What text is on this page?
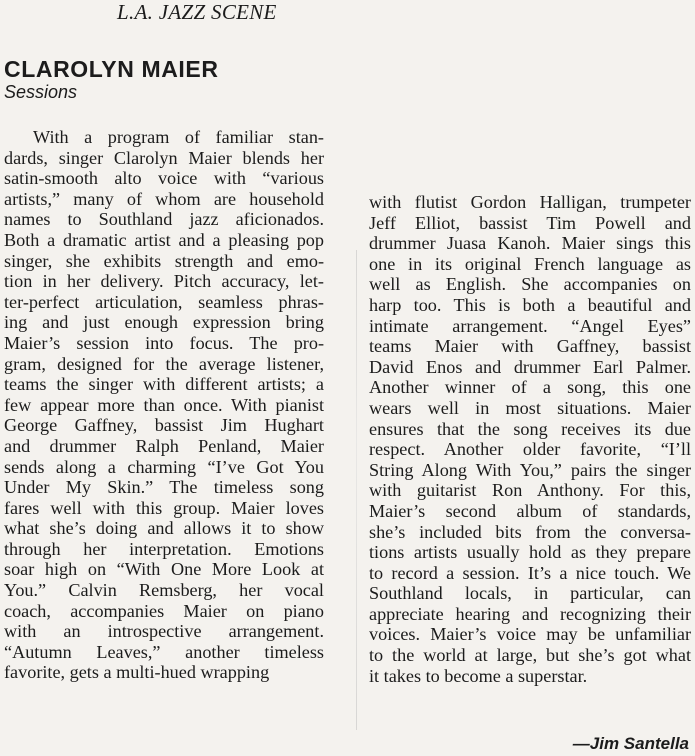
L.A. JAZZ SCENE
CLAROLYN MAIER
Sessions
With a program of familiar stan-
dards, singer Clarolyn Maier blends her
satin-smooth alto voice with “various
artists,” many of whom are household
names to Southland jazz aficionados.
Both a dramatic artist and a pleasing pop
singer, she exhibits strength and emo-
tion in her delivery. Pitch accuracy, let-
ter-perfect articulation, seamless phras-
ing and just enough expression bring
Maier’s session into focus. The pro-
gram, designed for the average listener,
teams the singer with different artists; a
few appear more than once. With pianist
George Gaffney, bassist Jim Hughart
and drummer Ralph Penland, Maier
sends along a charming “I’ve Got You
Under My Skin.” The timeless song
fares well with this group. Maier loves
what she’s doing and allows it to show
through her interpretation. Emotions
soar high on “With One More Look at
You.” Calvin Remsberg, her vocal
coach, accompanies Maier on piano
with an introspective arrangement.
“Autumn Leaves,” another timeless
favorite, gets a multi-hued wrapping
with flutist Gordon Halligan, trumpeter
Jeff Elliot, bassist Tim Powell and
drummer Juasa Kanoh. Maier sings this
one in its original French language as
well as English. She accompanies on
harp too. This is both a beautiful and
intimate arrangement. “Angel Eyes”
teams Maier with Gaffney, bassist
David Enos and drummer Earl Palmer.
Another winner of a song, this one
wears well in most situations. Maier
ensures that the song receives its due
respect. Another older favorite, “I’ll
String Along With You,” pairs the singer
with guitarist Ron Anthony. For this,
Maier’s second album of standards,
she’s included bits from the conversa-
tions artists usually hold as they prepare
to record a session. It’s a nice touch. We
Southland locals, in particular, can
appreciate hearing and recognizing their
voices. Maier’s voice may be unfamiliar
to the world at large, but she’s got what
it takes to become a superstar.
—Jim Santella
